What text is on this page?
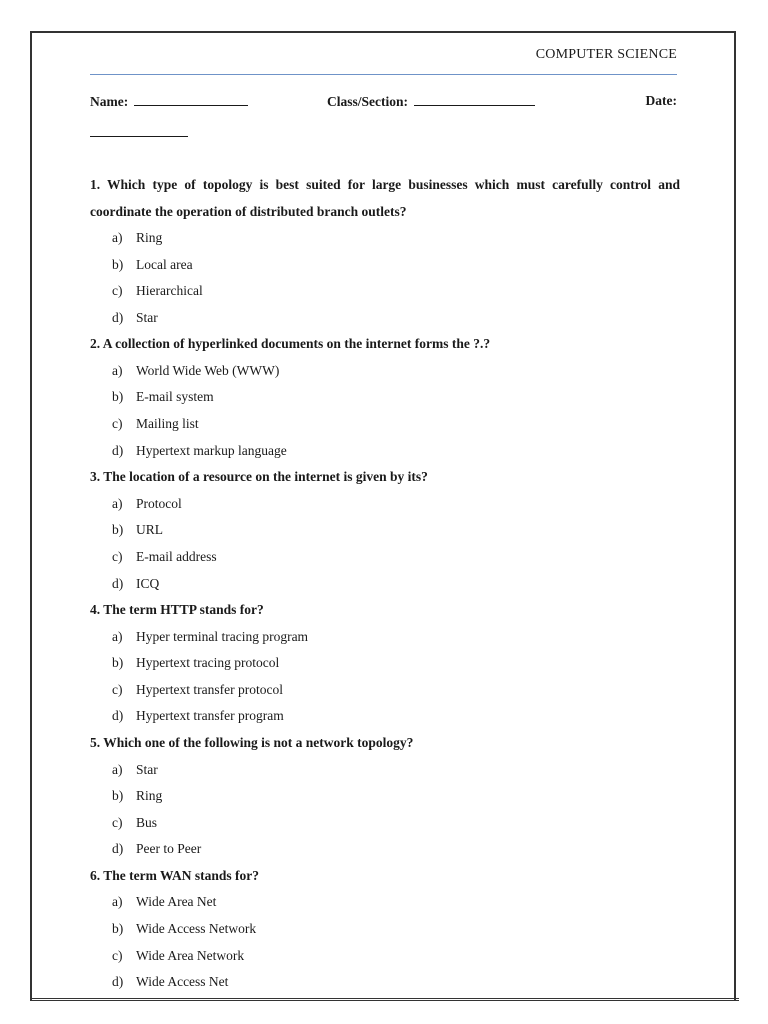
COMPUTER SCIENCE
Name:	Class/Section:	Date:

1. Which type of topology is best suited for large businesses which must carefully control and coordinate the operation of distributed branch outlets?

a) Ring
b) Local area
c) Hierarchical
d) Star

2. A collection of hyperlinked documents on the internet forms the ?.?

a) World Wide Web (WWW)
b) E-mail system
c) Mailing list
d) Hypertext markup language

3. The location of a resource on the internet is given by its?

a) Protocol
b) URL
c) E-mail address
d) ICQ

4. The term HTTP stands for?

a) Hyper terminal tracing program
b) Hypertext tracing protocol
c) Hypertext transfer protocol
d) Hypertext transfer program

5. Which one of the following is not a network topology?

a) Star
b) Ring
c) Bus
d) Peer to Peer

6. The term WAN stands for?

a) Wide Area Net
b) Wide Access Network
c) Wide Area Network
d) Wide Access Net
